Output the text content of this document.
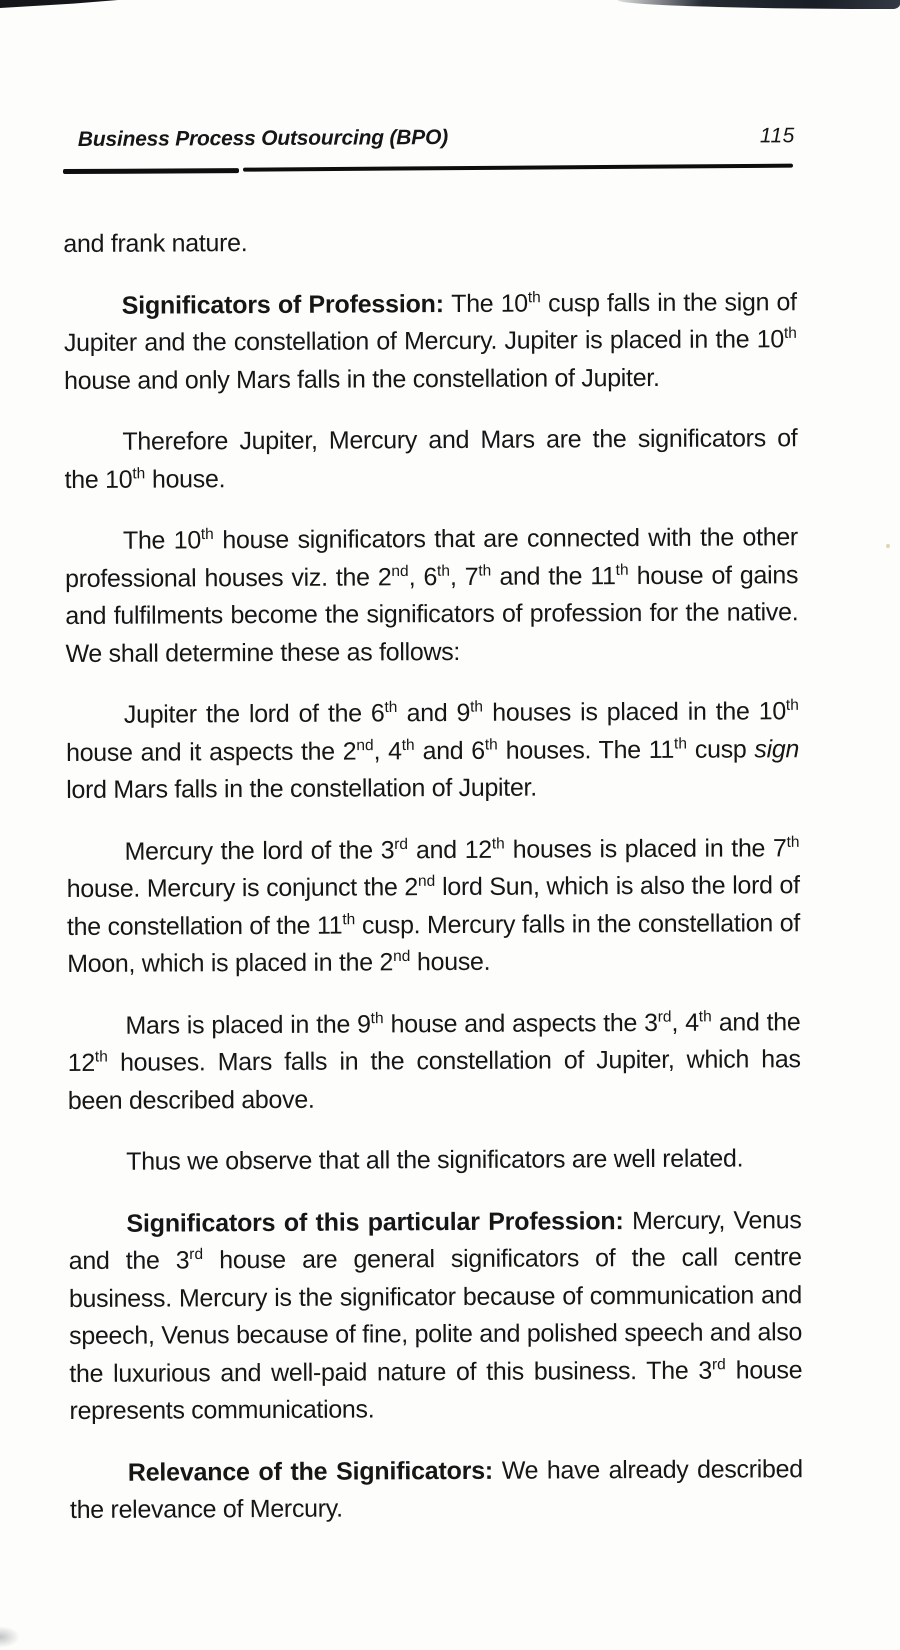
Business Process Outsourcing (BPO)	115

and frank nature.

Significators of Profession: The 10th cusp falls in the sign of Jupiter and the constellation of Mercury. Jupiter is placed in the 10th house and only Mars falls in the constellation of Jupiter.

Therefore Jupiter, Mercury and Mars are the significators of the 10th house.

The 10th house significators that are connected with the other professional houses viz. the 2nd, 6th, 7th and the 11th house of gains and fulfilments become the significators of profession for the native. We shall determine these as follows:

Jupiter the lord of the 6th and 9th houses is placed in the 10th house and it aspects the 2nd, 4th and 6th houses. The 11th cusp sign lord Mars falls in the constellation of Jupiter.

Mercury the lord of the 3rd and 12th houses is placed in the 7th house. Mercury is conjunct the 2nd lord Sun, which is also the lord of the constellation of the 11th cusp. Mercury falls in the constellation of Moon, which is placed in the 2nd house.

Mars is placed in the 9th house and aspects the 3rd, 4th and the 12th houses. Mars falls in the constellation of Jupiter, which has been described above.

Thus we observe that all the significators are well related.

Significators of this particular Profession: Mercury, Venus and the 3rd house are general significators of the call centre business. Mercury is the significator because of communication and speech, Venus because of fine, polite and polished speech and also the luxurious and well-paid nature of this business. The 3rd house represents communications.

Relevance of the Significators: We have already described the relevance of Mercury.
